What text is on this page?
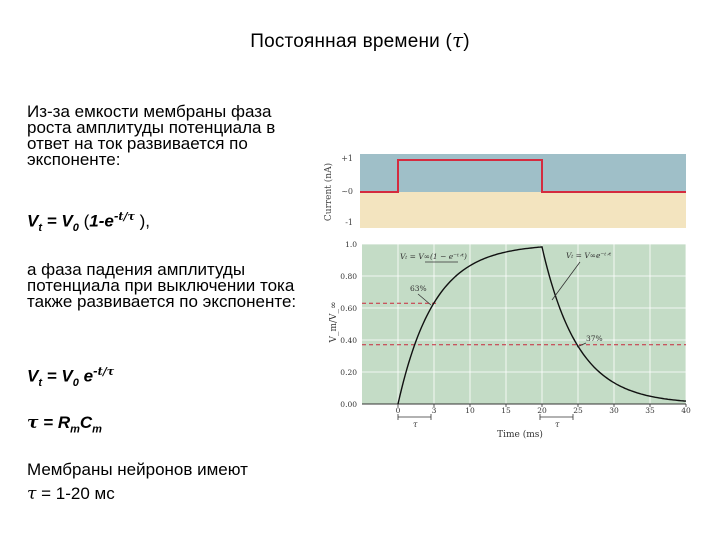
Постоянная времени (τ)
Из-за емкости мембраны фаза роста амплитуды потенциала в ответ на ток развивается по экспоненте:
$V_t = V_0$ ($1-e^{-t/\tau}$ ),
а фаза падения амплитуды потенциала при выключении тока также развивается по экспоненте:
$V_t = V_0$ $e^{-t/\tau}$
$\tau = R_mC_m$
Мембраны нейронов имеют
τ = 1-20 мс
Current (nA)
+1
~0
-1
0.00
0.20
0.40
0.60
0.80
1.0
0	3	10	15	20	25	30	35	40
V_m/V_∞
Time (ms)
Vₜ = V∞(1 − e⁻ᵗᐟᵗ)	Vₜ = V∞e⁻ᵗᐟᵗ
63%
37%
τ	τ
